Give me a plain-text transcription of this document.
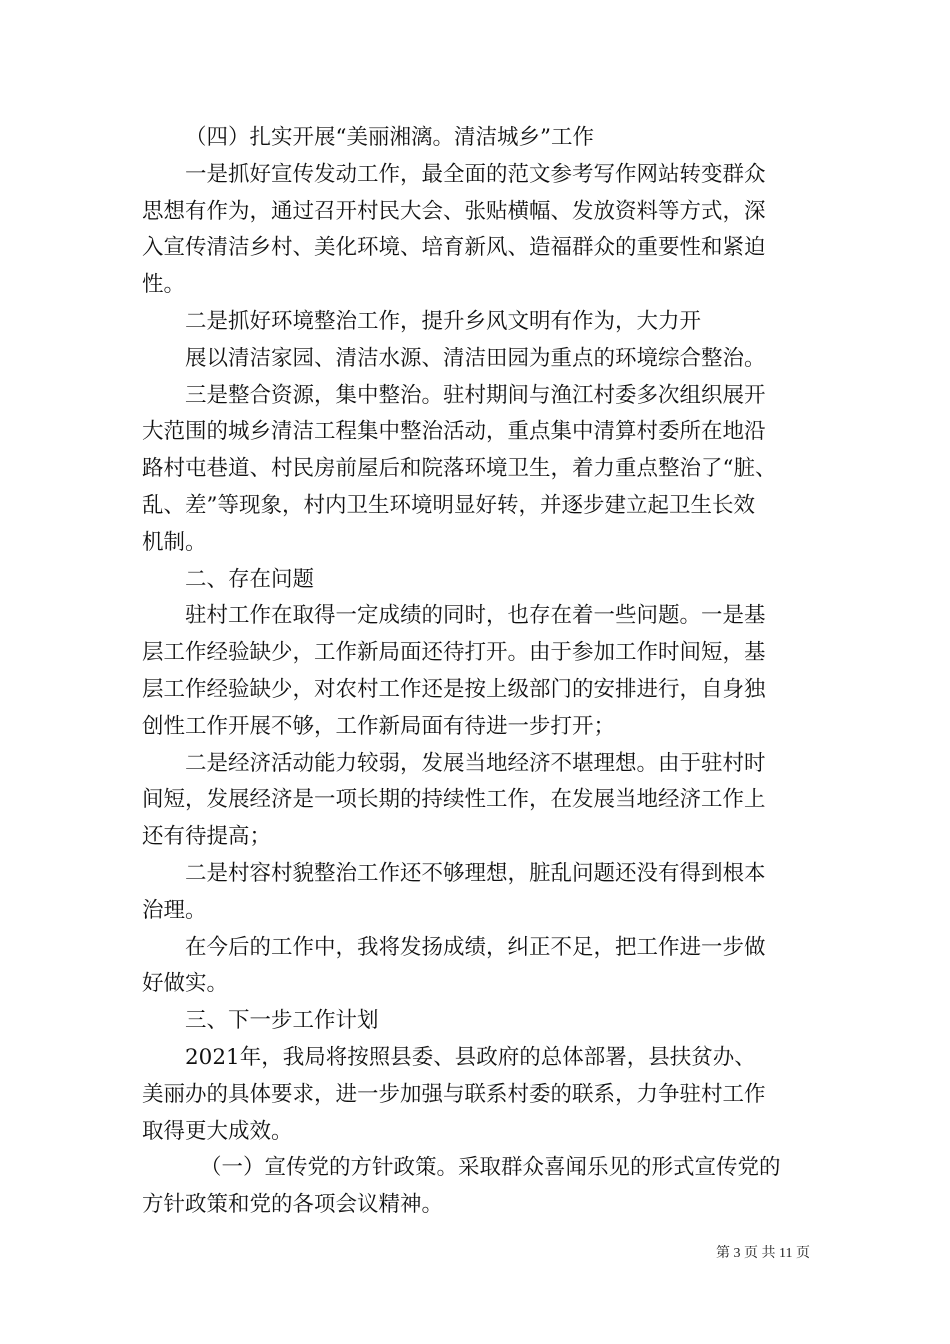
（四）扎实开展“美丽湘漓。清洁城乡”工作
一是抓好宣传发动工作，最全面的范文参考写作网站转变群众
思想有作为，通过召开村民大会、张贴横幅、发放资料等方式，深
入宣传清洁乡村、美化环境、培育新风、造福群众的重要性和紧迫
性。
二是抓好环境整治工作，提升乡风文明有作为，大力开
展以清洁家园、清洁水源、清洁田园为重点的环境综合整治。
三是整合资源，集中整治。驻村期间与渔江村委多次组织展开
大范围的城乡清洁工程集中整治活动，重点集中清算村委所在地沿
路村屯巷道、村民房前屋后和院落环境卫生，着力重点整治了“脏、
乱、差”等现象，村内卫生环境明显好转，并逐步建立起卫生长效
机制。
二、存在问题
驻村工作在取得一定成绩的同时，也存在着一些问题。一是基
层工作经验缺少，工作新局面还待打开。由于参加工作时间短，基
层工作经验缺少，对农村工作还是按上级部门的安排进行，自身独
创性工作开展不够，工作新局面有待进一步打开；
二是经济活动能力较弱，发展当地经济不堪理想。由于驻村时
间短，发展经济是一项长期的持续性工作，在发展当地经济工作上
还有待提高；
二是村容村貌整治工作还不够理想，脏乱问题还没有得到根本
治理。
在今后的工作中，我将发扬成绩，纠正不足，把工作进一步做
好做实。
三、下一步工作计划
2021年，我局将按照县委、县政府的总体部署，县扶贫办、
美丽办的具体要求，进一步加强与联系村委的联系，力争驻村工作
取得更大成效。
（一）宣传党的方针政策。采取群众喜闻乐见的形式宣传党的
方针政策和党的各项会议精神。
第 3 页 共 11 页
